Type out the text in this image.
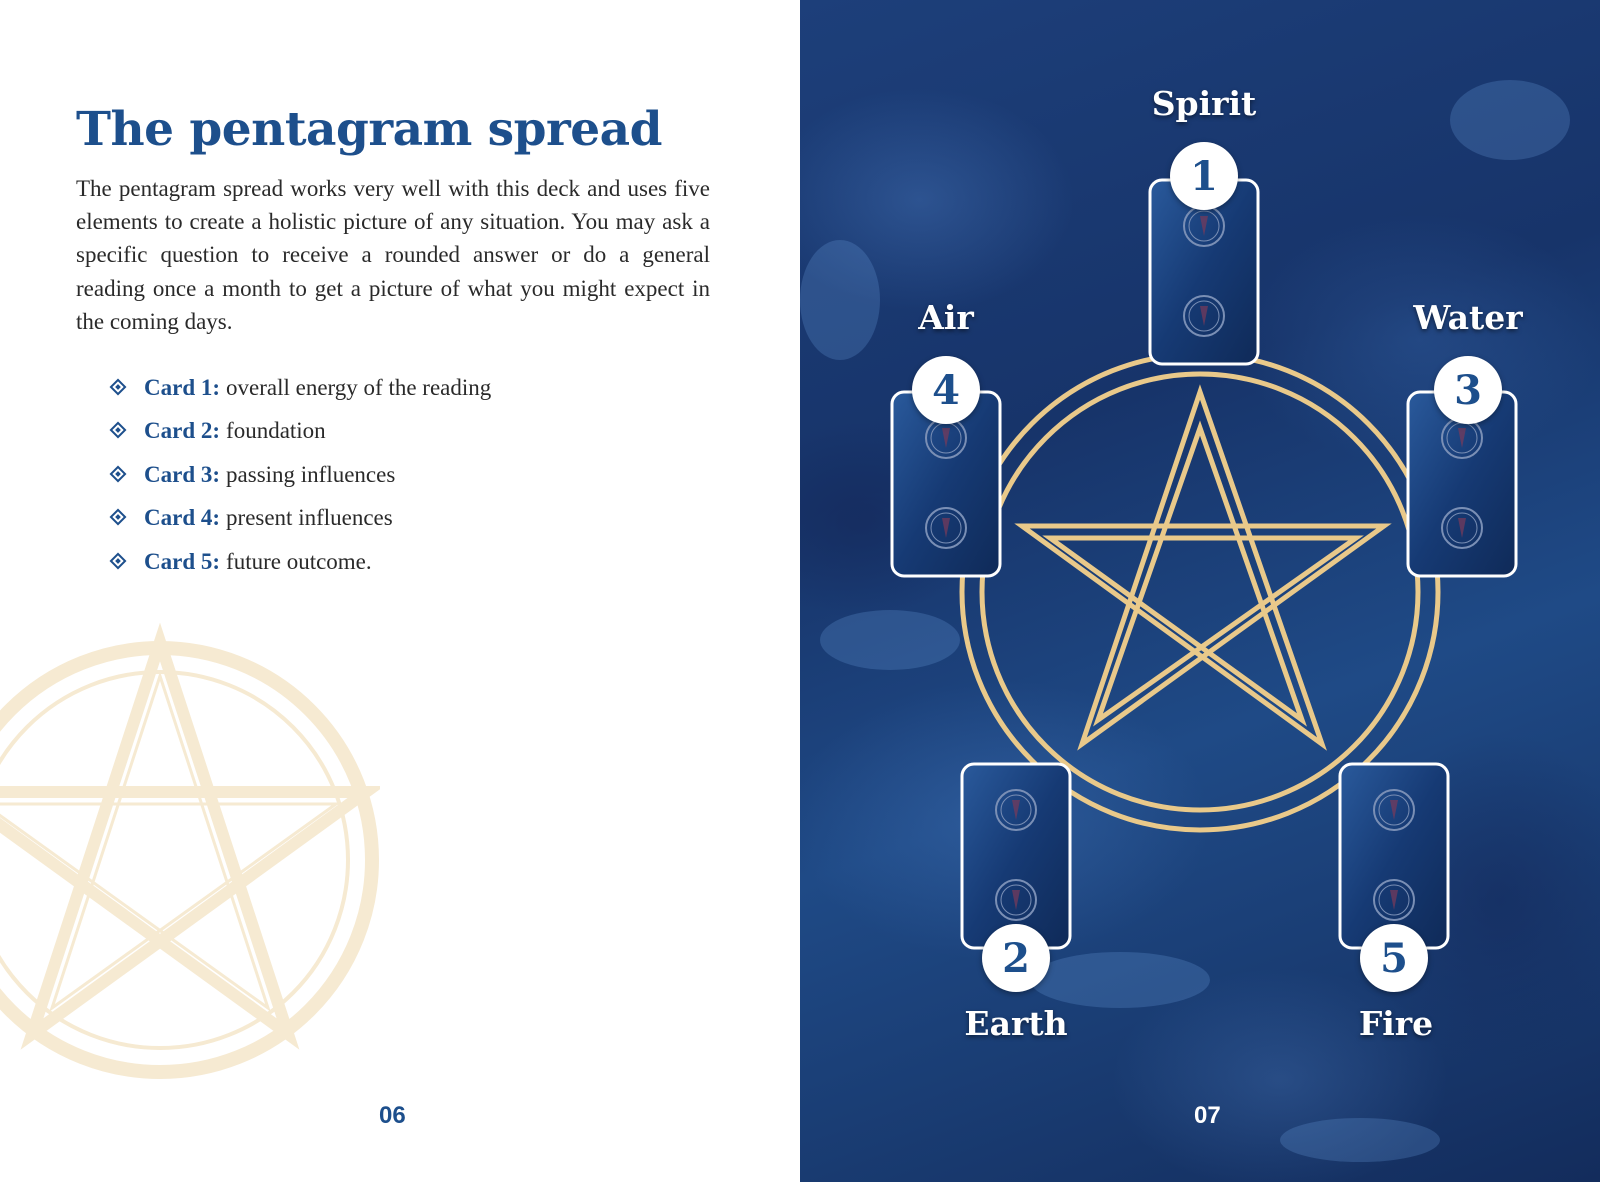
The pentagram spread

The pentagram spread works very well with this deck and uses five elements to create a holistic picture of any situation. You may ask a specific question to receive a rounded answer or do a general reading once a month to get a picture of what you might expect in the coming days.

Card 1: overall energy of the reading
Card 2: foundation
Card 3: passing influences
Card 4: present influences
Card 5: future outcome.

06

Spirit

Air	Water

Earth	Fire

1
4	3
2	5

07
